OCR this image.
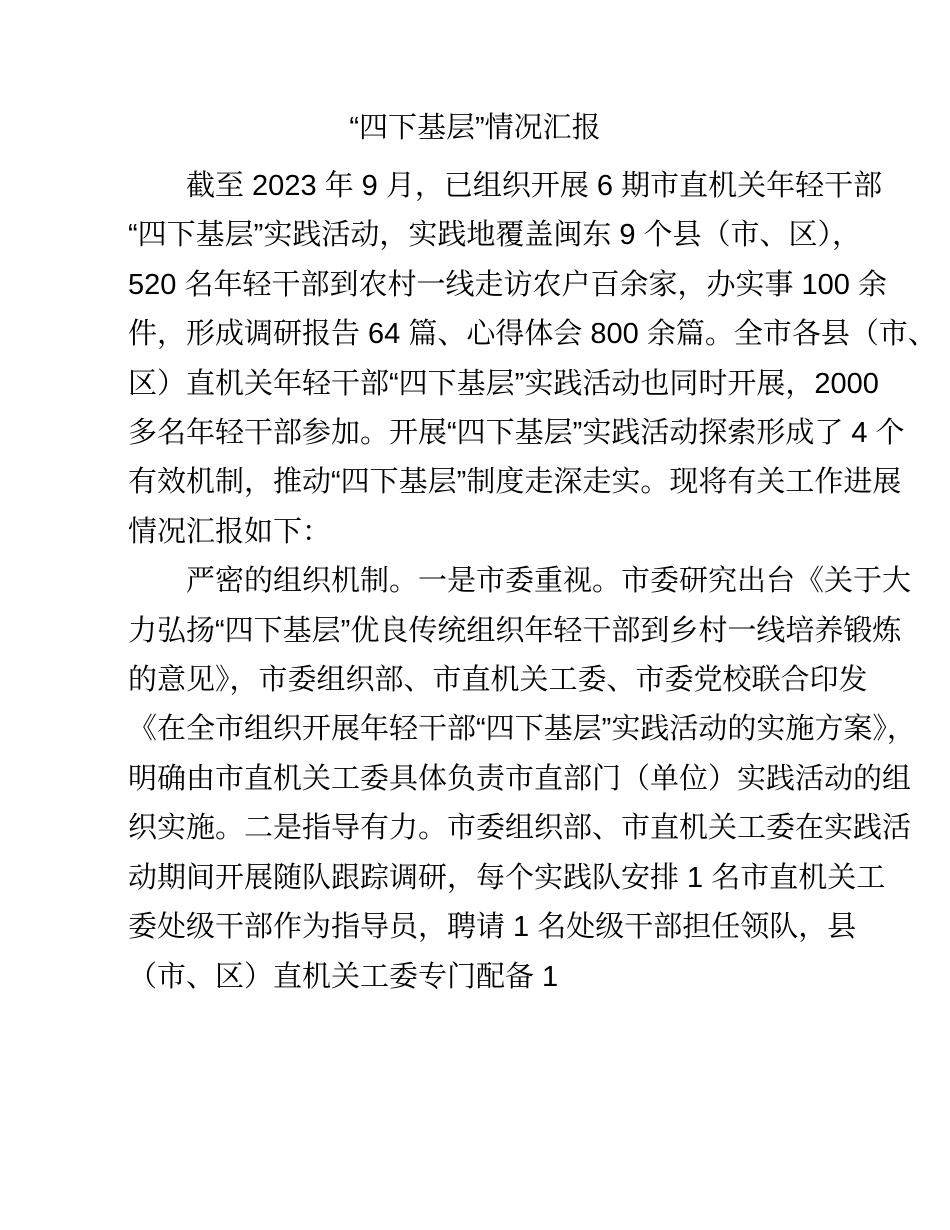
“四下基层”情况汇报
截至 2023 年 9 月，已组织开展 6 期市直机关年轻干部
“四下基层”实践活动，实践地覆盖闽东 9 个县（市、区），
520 名年轻干部到农村一线走访农户百余家，办实事 100 余
件，形成调研报告 64 篇、心得体会 800 余篇。全市各县（市、
区）直机关年轻干部“四下基层”实践活动也同时开展，2000
多名年轻干部参加。开展“四下基层”实践活动探索形成了 4 个
有效机制，推动“四下基层”制度走深走实。现将有关工作进展
情况汇报如下：
严密的组织机制。一是市委重视。市委研究出台《关于大
力弘扬“四下基层”优良传统组织年轻干部到乡村一线培养锻炼
的意见》，市委组织部、市直机关工委、市委党校联合印发
《在全市组织开展年轻干部“四下基层”实践活动的实施方案》，
明确由市直机关工委具体负责市直部门（单位）实践活动的组
织实施。二是指导有力。市委组织部、市直机关工委在实践活
动期间开展随队跟踪调研，每个实践队安排 1 名市直机关工
委处级干部作为指导员，聘请 1 名处级干部担任领队，县
（市、区）直机关工委专门配备 1
